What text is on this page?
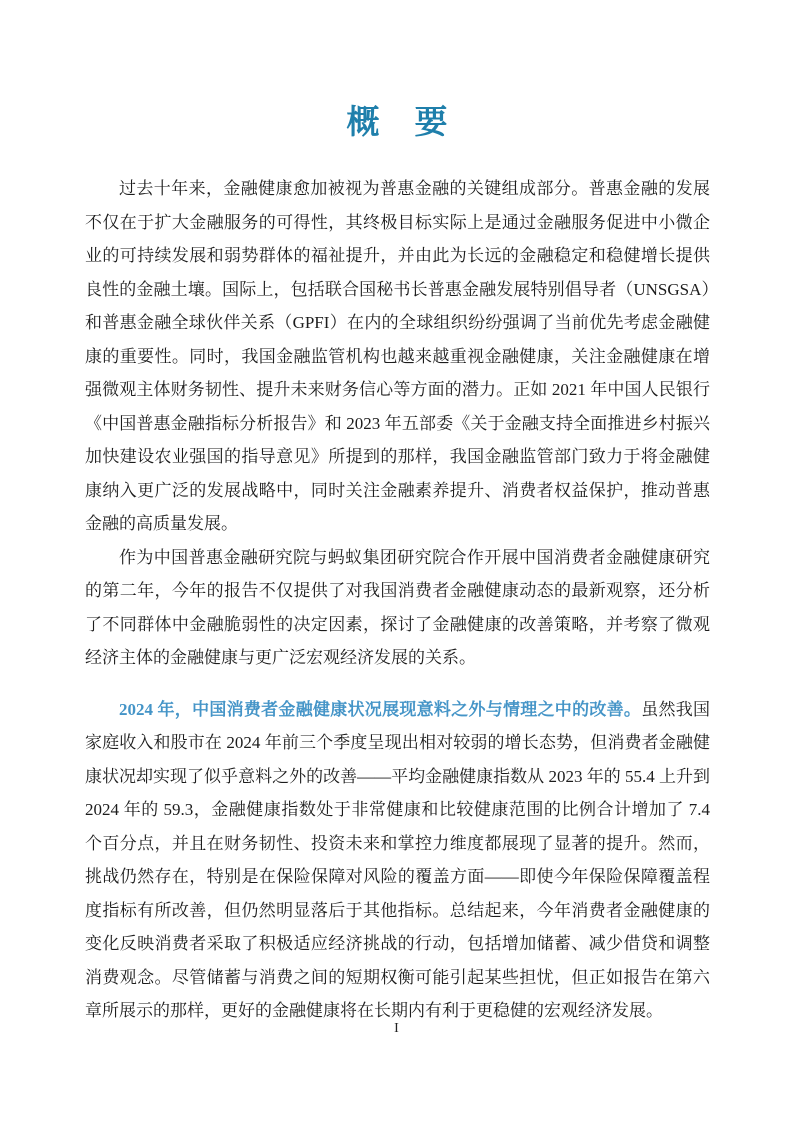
概　要

过去十年来，金融健康愈加被视为普惠金融的关键组成部分。普惠金融的发展不仅在于扩大金融服务的可得性，其终极目标实际上是通过金融服务促进中小微企业的可持续发展和弱势群体的福祉提升，并由此为长远的金融稳定和稳健增长提供良性的金融土壤。国际上，包括联合国秘书长普惠金融发展特别倡导者（UNSGSA）和普惠金融全球伙伴关系（GPFI）在内的全球组织纷纷强调了当前优先考虑金融健康的重要性。同时，我国金融监管机构也越来越重视金融健康，关注金融健康在增强微观主体财务韧性、提升未来财务信心等方面的潜力。正如 2021 年中国人民银行《中国普惠金融指标分析报告》和 2023 年五部委《关于金融支持全面推进乡村振兴 加快建设农业强国的指导意见》所提到的那样，我国金融监管部门致力于将金融健康纳入更广泛的发展战略中，同时关注金融素养提升、消费者权益保护，推动普惠金融的高质量发展。

作为中国普惠金融研究院与蚂蚁集团研究院合作开展中国消费者金融健康研究的第二年，今年的报告不仅提供了对我国消费者金融健康动态的最新观察，还分析了不同群体中金融脆弱性的决定因素，探讨了金融健康的改善策略，并考察了微观经济主体的金融健康与更广泛宏观经济发展的关系。

2024 年，中国消费者金融健康状况展现意料之外与情理之中的改善。虽然我国家庭收入和股市在 2024 年前三个季度呈现出相对较弱的增长态势，但消费者金融健康状况却实现了似乎意料之外的改善——平均金融健康指数从 2023 年的 55.4 上升到 2024 年的 59.3，金融健康指数处于非常健康和比较健康范围的比例合计增加了 7.4 个百分点，并且在财务韧性、投资未来和掌控力维度都展现了显著的提升。然而，挑战仍然存在，特别是在保险保障对风险的覆盖方面——即使今年保险保障覆盖程度指标有所改善，但仍然明显落后于其他指标。总结起来，今年消费者金融健康的变化反映消费者采取了积极适应经济挑战的行动，包括增加储蓄、减少借贷和调整消费观念。尽管储蓄与消费之间的短期权衡可能引起某些担忧，但正如报告在第六章所展示的那样，更好的金融健康将在长期内有利于更稳健的宏观经济发展。

I
